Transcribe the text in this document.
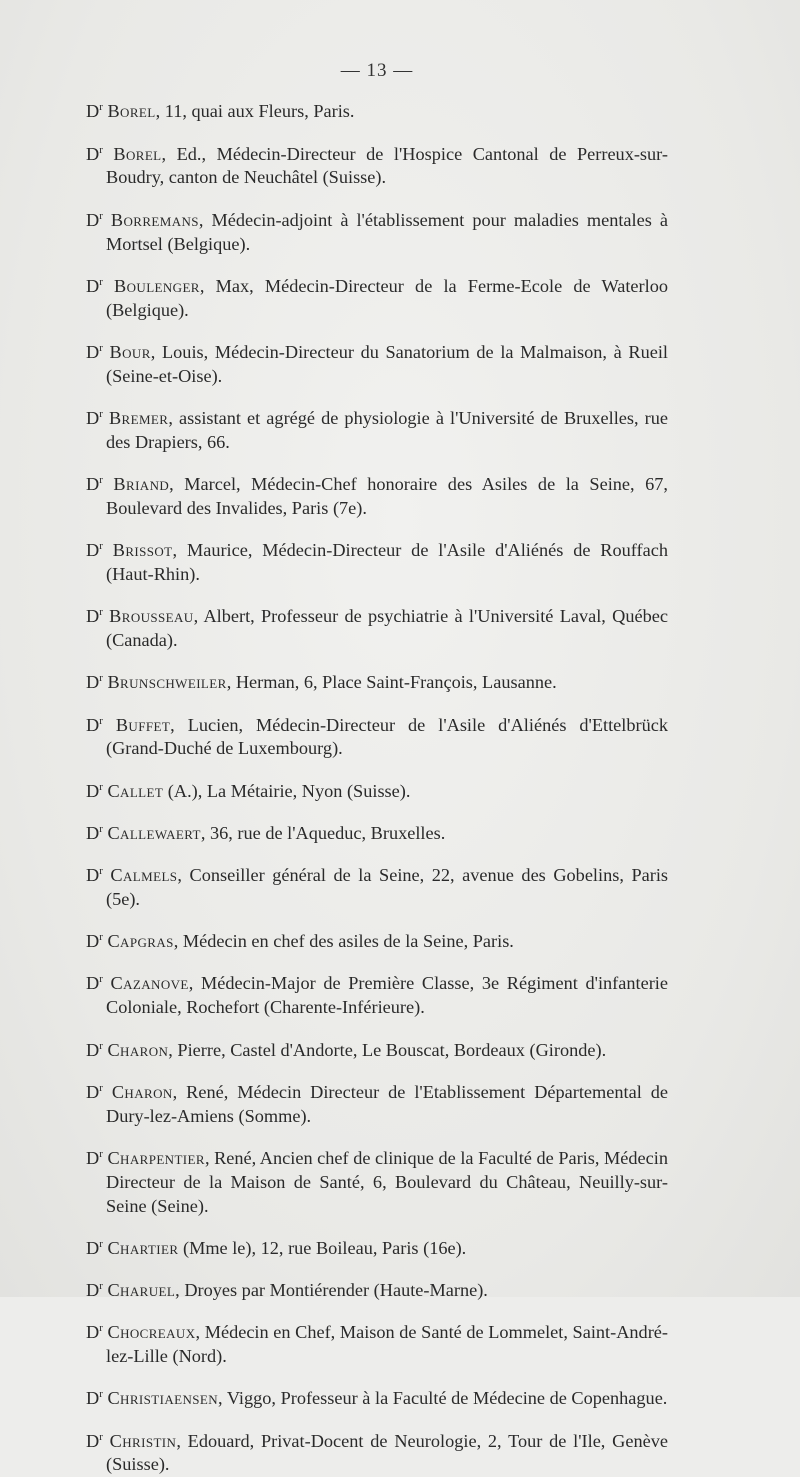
— 13 —

$D^r$ Borel, 11, quai aux Fleurs, Paris.

$D^r$ Borel, Ed., Médecin-Directeur de l'Hospice Cantonal de Perreux-sur-Boudry, canton de Neuchâtel (Suisse).

$D^r$ Borremans, Médecin-adjoint à l'établissement pour maladies mentales à Mortsel (Belgique).

$D^r$ Boulenger, Max, Médecin-Directeur de la Ferme-Ecole de Waterloo (Belgique).

$D^r$ Bour, Louis, Médecin-Directeur du Sanatorium de la Malmaison, à Rueil (Seine-et-Oise).

$D^r$ Bremer, assistant et agrégé de physiologie à l'Université de Bruxelles, rue des Drapiers, 66.

$D^r$ Briand, Marcel, Médecin-Chef honoraire des Asiles de la Seine, 67, Boulevard des Invalides, Paris (7e).

$D^r$ Brissot, Maurice, Médecin-Directeur de l'Asile d'Aliénés de Rouffach (Haut-Rhin).

$D^r$ Brousseau, Albert, Professeur de psychiatrie à l'Université Laval, Québec (Canada).

$D^r$ Brunschweiler, Herman, 6, Place Saint-François, Lausanne.

$D^r$ Buffet, Lucien, Médecin-Directeur de l'Asile d'Aliénés d'Ettelbrück (Grand-Duché de Luxembourg).

$D^r$ Callet (A.), La Métairie, Nyon (Suisse).

$D^r$ Callewaert, 36, rue de l'Aqueduc, Bruxelles.

$D^r$ Calmels, Conseiller général de la Seine, 22, avenue des Gobelins, Paris (5e).

$D^r$ Capgras, Médecin en chef des asiles de la Seine, Paris.

$D^r$ Cazanove, Médecin-Major de Première Classe, 3e Régiment d'infanterie Coloniale, Rochefort (Charente-Inférieure).

$D^r$ Charon, Pierre, Castel d'Andorte, Le Bouscat, Bordeaux (Gironde).

$D^r$ Charon, René, Médecin Directeur de l'Etablissement Départemental de Dury-lez-Amiens (Somme).

$D^r$ Charpentier, René, Ancien chef de clinique de la Faculté de Paris, Médecin Directeur de la Maison de Santé, 6, Boulevard du Château, Neuilly-sur-Seine (Seine).

$D^r$ Chartier (Mme le), 12, rue Boileau, Paris (16e).

$D^r$ Charuel, Droyes par Montiérender (Haute-Marne).

$D^r$ Chocreaux, Médecin en Chef, Maison de Santé de Lommelet, Saint-André-lez-Lille (Nord).

$D^r$ Christiaensen, Viggo, Professeur à la Faculté de Médecine de Copenhague.

$D^r$ Christin, Edouard, Privat-Docent de Neurologie, 2, Tour de l'Ile, Genève (Suisse).
